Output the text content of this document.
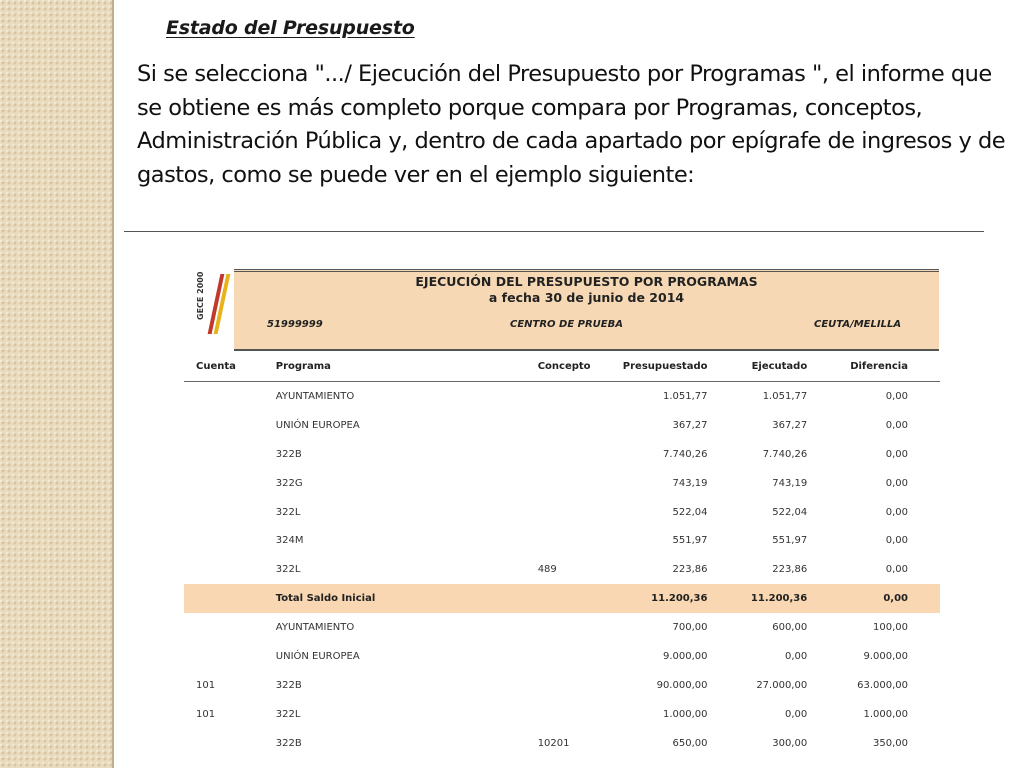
Estado del Presupuesto

Si se selecciona ".../ Ejecución del Presupuesto por Programas ", el informe que se obtiene es más completo porque compara por Programas, conceptos, Administración Pública y, dentro de cada apartado por epígrafe de ingresos y de gastos, como se puede ver en el ejemplo siguiente:

GECE 2000	EJECUCIÓN DEL PRESUPUESTO POR PROGRAMAS
a fecha 30 de junio de 2014
51999999	CENTRO DE PRUEBA	CEUTA/MELILLA
Cuenta	Programa	Concepto	Presupuestado	Ejecutado	Diferencia
	AYUNTAMIENTO		1.051,77	1.051,77	0,00
	UNIÓN EUROPEA		367,27	367,27	0,00
	322B		7.740,26	7.740,26	0,00
	322G		743,19	743,19	0,00
	322L		522,04	522,04	0,00
	324M		551,97	551,97	0,00
	322L	489	223,86	223,86	0,00
	Total Saldo Inicial		11.200,36	11.200,36	0,00
	AYUNTAMIENTO		700,00	600,00	100,00
	UNIÓN EUROPEA		9.000,00	0,00	9.000,00
101	322B		90.000,00	27.000,00	63.000,00
101	322L		1.000,00	0,00	1.000,00
	322B	10201	650,00	300,00	350,00
